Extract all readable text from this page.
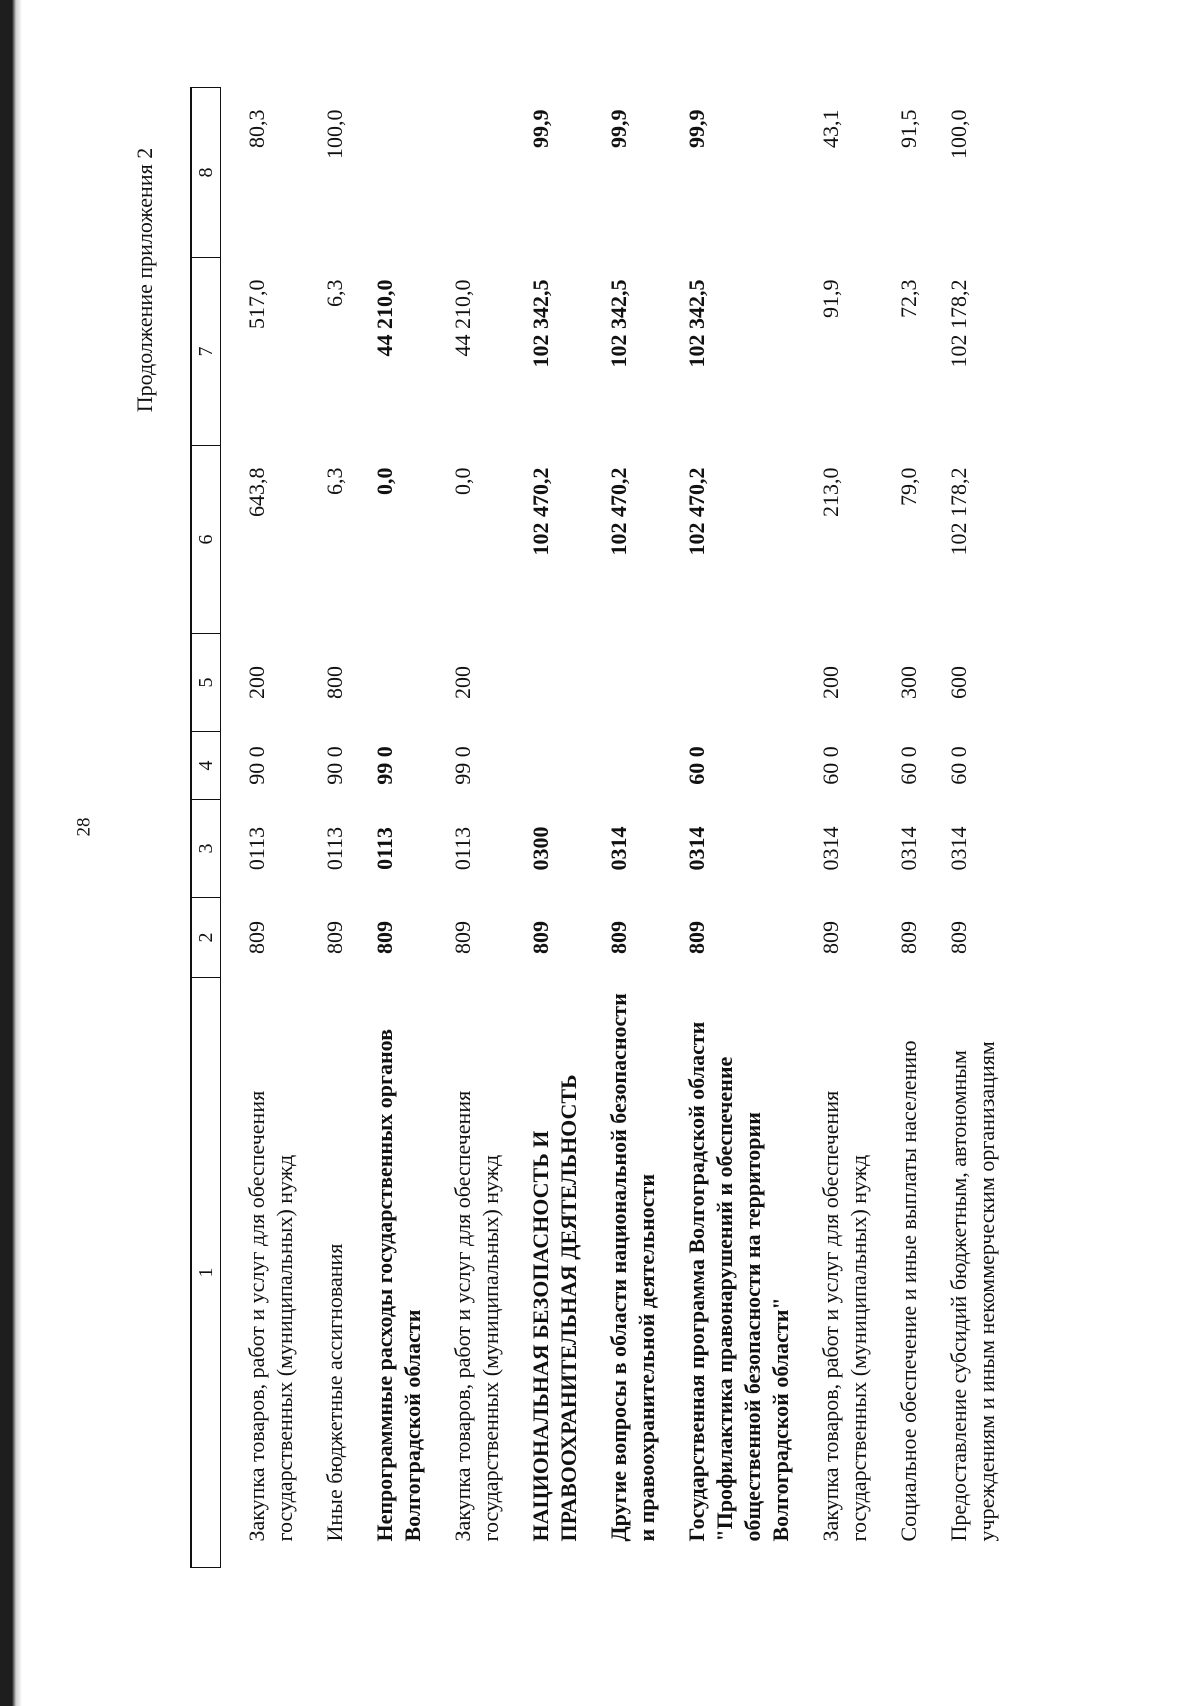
28
Продолжение приложения 2
1	2	3	4	5	6	7	8

Закупка товаров, работ и услуг для обеспечения государственных (муниципальных) нужд	809	0113	90 0	200	643,8	517,0	80,3

Иные бюджетные ассигнования	809	0113	90 0	800	6,3	6,3	100,0

Непрограммные расходы государственных органов Волгоградской области	809	0113	99 0		0,0	44 210,0	

Закупка товаров, работ и услуг для обеспечения государственных (муниципальных) нужд	809	0113	99 0	200	0,0	44 210,0	

НАЦИОНАЛЬНАЯ БЕЗОПАСНОСТЬ И ПРАВООХРАНИТЕЛЬНАЯ ДЕЯТЕЛЬНОСТЬ	809	0300			102 470,2	102 342,5	99,9

Другие вопросы в области национальной безопасности и правоохранительной деятельности	809	0314			102 470,2	102 342,5	99,9

Государственная программа Волгоградской области "Профилактика правонарушений и обеспечение общественной безопасности на территории Волгоградской области"	809	0314	60 0		102 470,2	102 342,5	99,9

Закупка товаров, работ и услуг для обеспечения государственных (муниципальных) нужд	809	0314	60 0	200	213,0	91,9	43,1

Социальное обеспечение и иные выплаты населению	809	0314	60 0	300	79,0	72,3	91,5

Предоставление субсидий бюджетным, автономным учреждениям и иным некоммерческим организациям	809	0314	60 0	600	102 178,2	102 178,2	100,0
